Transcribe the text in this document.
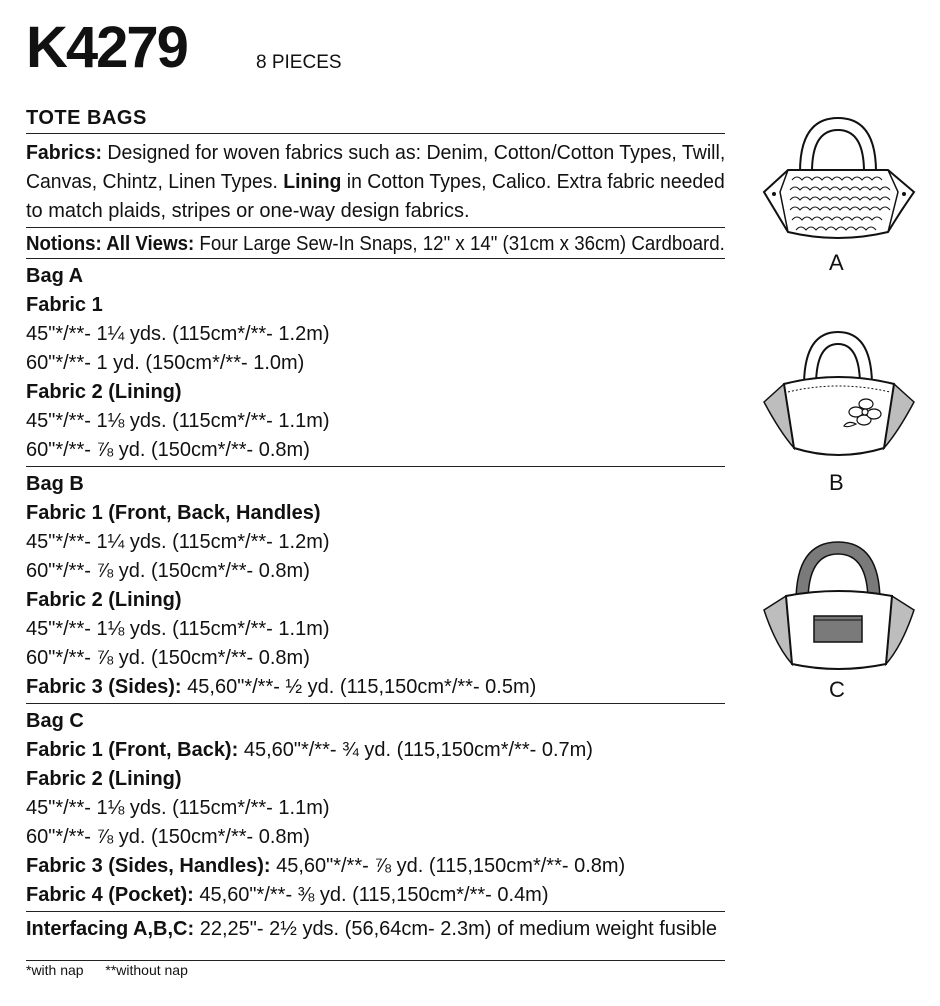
K4279	8 PIECES
TOTE BAGS
Fabrics: Designed for woven fabrics such as: Denim, Cotton/Cotton Types, Twill,
Canvas, Chintz, Linen Types. Lining in Cotton Types, Calico. Extra fabric needed
to match plaids, stripes or one-way design fabrics.
Notions: All Views: Four Large Sew-In Snaps, 12" x 14" (31cm x 36cm) Cardboard.
Bag A
Fabric 1
45"*/**- 1¼ yds. (115cm*/**- 1.2m)
60"*/**- 1 yd. (150cm*/**- 1.0m)
Fabric 2 (Lining)
45"*/**- 1⅛ yds. (115cm*/**- 1.1m)
60"*/**- ⅞ yd. (150cm*/**- 0.8m)
Bag B
Fabric 1 (Front, Back, Handles)
45"*/**- 1¼ yds. (115cm*/**- 1.2m)
60"*/**- ⅞ yd. (150cm*/**- 0.8m)
Fabric 2 (Lining)
45"*/**- 1⅛ yds. (115cm*/**- 1.1m)
60"*/**- ⅞ yd. (150cm*/**- 0.8m)
Fabric 3 (Sides): 45,60"*/**- ½ yd. (115,150cm*/**- 0.5m)
Bag C
Fabric 1 (Front, Back): 45,60"*/**- ¾ yd. (115,150cm*/**- 0.7m)
Fabric 2 (Lining)
45"*/**- 1⅛ yds. (115cm*/**- 1.1m)
60"*/**- ⅞ yd. (150cm*/**- 0.8m)
Fabric 3 (Sides, Handles): 45,60"*/**- ⅞ yd. (115,150cm*/**- 0.8m)
Fabric 4 (Pocket): 45,60"*/**- ⅜ yd. (115,150cm*/**- 0.4m)
Interfacing A,B,C: 22,25"- 2½ yds. (56,64cm- 2.3m) of medium weight fusible
*with nap **without nap
A
B
C
